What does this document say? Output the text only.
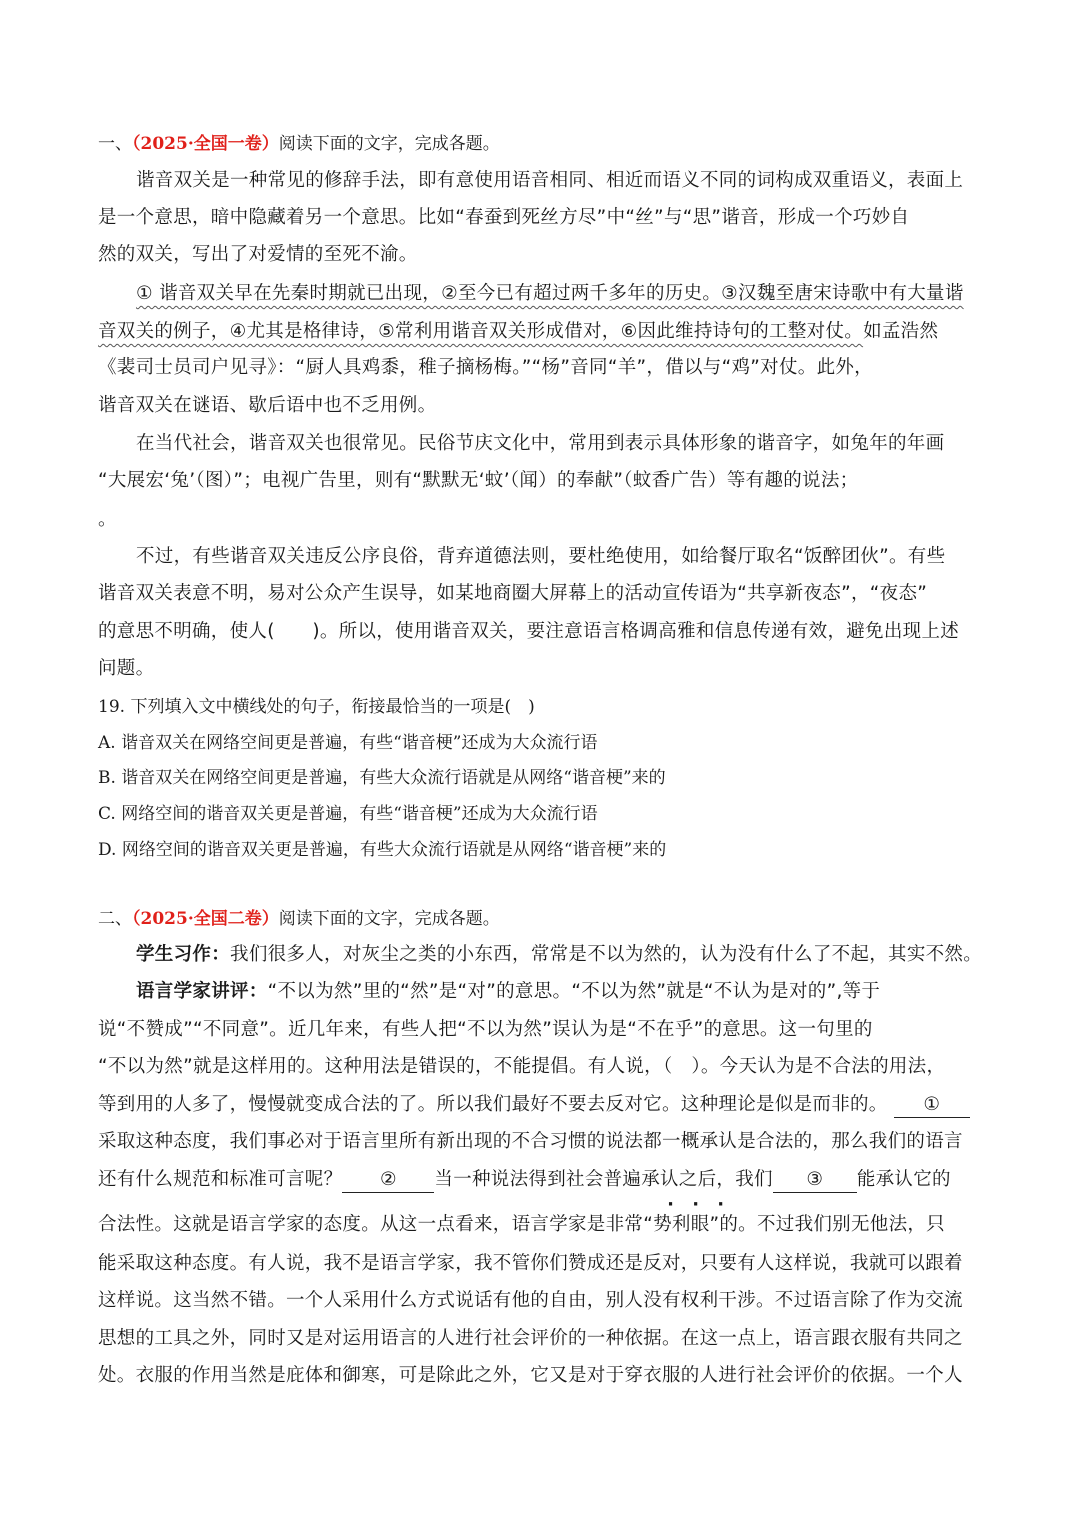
一、（2025·全国一卷）阅读下面的文字，完成各题。
谐音双关是一种常见的修辞手法，即有意使用语音相同、相近而语义不同的词构成双重语义，表面上
是一个意思，暗中隐藏着另一个意思。比如“春蚕到死丝方尽”中“丝”与“思”谐音，形成一个巧妙自
然的双关，写出了对爱情的至死不渝。
① 谐音双关早在先秦时期就已出现，②至今已有超过两千多年的历史。③汉魏至唐宋诗歌中有大量谐
音双关的例子，④尤其是格律诗，⑤常利用谐音双关形成借对，⑥因此维持诗句的工整对仗。如孟浩然
《裴司士员司户见寻》：“厨人具鸡黍，稚子摘杨梅。”“杨”音同“羊”，借以与“鸡”对仗。此外，
谐音双关在谜语、歇后语中也不乏用例。
在当代社会，谐音双关也很常见。民俗节庆文化中，常用到表示具体形象的谐音字，如兔年的年画
“大展宏‘兔’（图）”；电视广告里，则有“默默无‘蚊’（闻）的奉献”（蚊香广告）等有趣的说法；
。
不过，有些谐音双关违反公序良俗，背弃道德法则，要杜绝使用，如给餐厅取名“饭醉团伙”。有些
谐音双关表意不明，易对公众产生误导，如某地商圈大屏幕上的活动宣传语为“共享新夜态”，“夜态”
的意思不明确，使人(　　)。所以，使用谐音双关，要注意语言格调高雅和信息传递有效，避免出现上述
问题。
19. 下列填入文中横线处的句子，衔接最恰当的一项是(　)
A. 谐音双关在网络空间更是普遍，有些“谐音梗”还成为大众流行语
B. 谐音双关在网络空间更是普遍，有些大众流行语就是从网络“谐音梗”来的
C. 网络空间的谐音双关更是普遍，有些“谐音梗”还成为大众流行语
D. 网络空间的谐音双关更是普遍，有些大众流行语就是从网络“谐音梗”来的
二、（2025·全国二卷）阅读下面的文字，完成各题。
学生习作：我们很多人，对灰尘之类的小东西，常常是不以为然的，认为没有什么了不起，其实不然。
语言学家讲评：“不以为然”里的“然”是“对”的意思。“不以为然”就是“不认为是对的”,等于
说“不赞成”“不同意”。近几年来，有些人把“不以为然”误认为是“不在乎”的意思。这一句里的
“不以为然”就是这样用的。这种用法是错误的，不能提倡。有人说，（　）。今天认为是不合法的用法，
等到用的人多了，慢慢就变成合法的了。所以我们最好不要去反对它。这种理论是似是而非的。 ①
采取这种态度，我们事必对于语言里所有新出现的不合习惯的说法都一概承认是合法的，那么我们的语言
还有什么规范和标准可言呢？ ② 当一种说法得到社会普遍承认之后，我们 ③ 能承认它的
合法性。这就是语言学家的态度。从这一点看来，语言学家是非常“· · · 势利眼”的。不过我们别无他法，只
能采取这种态度。有人说，我不是语言学家，我不管你们赞成还是反对，只要有人这样说，我就可以跟着
这样说。这当然不错。一个人采用什么方式说话有他的自由，别人没有权利干涉。不过语言除了作为交流
思想的工具之外，同时又是对运用语言的人进行社会评价的一种依据。在这一点上，语言跟衣服有共同之
处。衣服的作用当然是庇体和御寒，可是除此之外，它又是对于穿衣服的人进行社会评价的依据。一个人
